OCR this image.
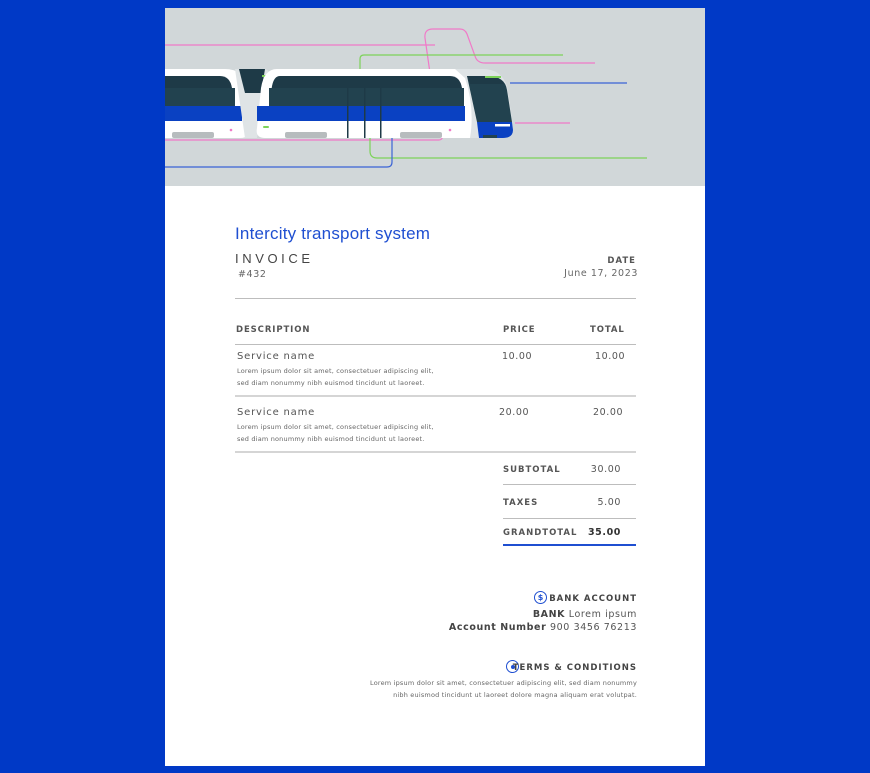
Intercity transport system
INVOICE
#432
DATE
June 17, 2023
DESCRIPTION	PRICE	TOTAL
Service name
Lorem ipsum dolor sit amet, consectetuer adipiscing elit,
sed diam nonummy nibh euismod tincidunt ut laoreet.
10.00	10.00
Service name
Lorem ipsum dolor sit amet, consectetuer adipiscing elit,
sed diam nonummy nibh euismod tincidunt ut laoreet.
20.00	20.00
SUBTOTAL	30.00
TAXES	5.00
GRANDTOTAL 35.00
$ BANK ACCOUNT
BANK Lorem ipsum
Account Number 900 3456 76213
TERMS & CONDITIONS
Lorem ipsum dolor sit amet, consectetuer adipiscing elit, sed diam nonummy
nibh euismod tincidunt ut laoreet dolore magna aliquam erat volutpat.
